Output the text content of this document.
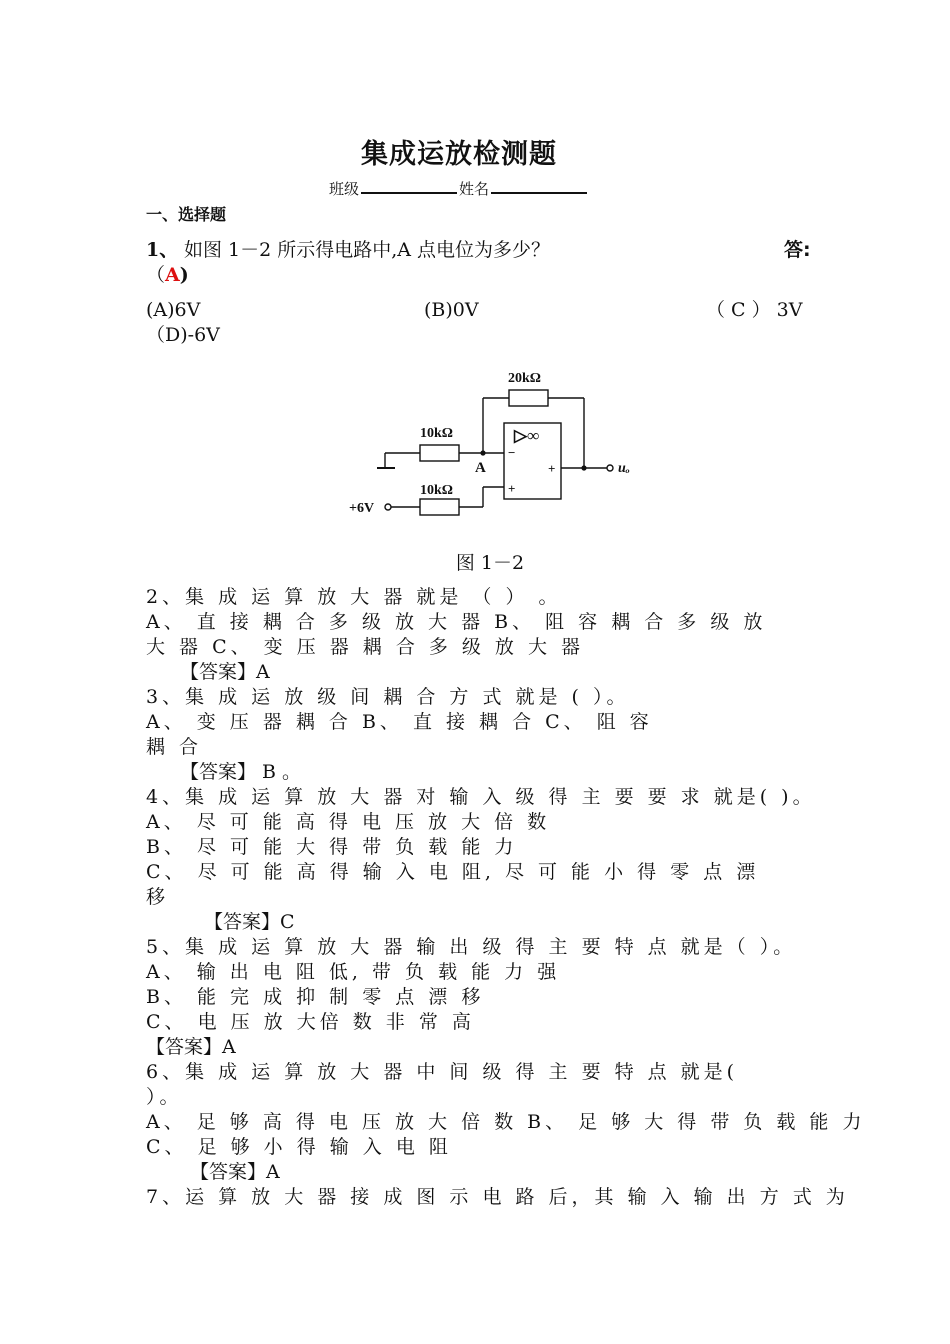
集成运放检测题
班级	姓名
一、选择题
1、 如图 1－2 所示得电路中,A 点电位为多少？	答:
（A)
(A)6V	(B)0V	（ C ） 3V
（D)-6V
20kΩ
10kΩ
10kΩ
▷∞
A
−
+
+
+6V
uₒ
图 1－2
2、集 成 运 算 放 大 器 就是 （ ） 。
A、 直 接 耦 合 多 级 放 大 器 B、 阻 容 耦 合 多 级 放
大 器 C、 变 压 器 耦 合 多 级 放 大 器
【答案】A
3、集 成 运 放 级 间 耦 合 方 式 就是 ( ）。
A、 变 压 器 耦 合 B、 直 接 耦 合 C、 阻 容
耦 合
【答案】 B 。
4、集 成 运 算 放 大 器 对 输 入 级 得 主 要 要 求 就是( )。
A、 尽 可 能 高 得 电 压 放 大 倍 数
B、 尽 可 能 大 得 带 负 载 能 力
C、 尽 可 能 高 得 输 入 电 阻, 尽 可 能 小 得 零 点 漂
移
【答案】C
5、集 成 运 算 放 大 器 输 出 级 得 主 要 特 点 就是（ ）。
A、 输 出 电 阻 低, 带 负 载 能 力 强
B、 能 完 成 抑 制 零 点 漂 移
C、 电 压 放 大倍 数 非 常 高
【答案】A
6、集 成 运 算 放 大 器 中 间 级 得 主 要 特 点 就是(
）。
A、 足 够 高 得 电 压 放 大 倍 数 B、 足 够 大 得 带 负 载 能 力
C、 足 够 小 得 输 入 电 阻
【答案】A
7、运 算 放 大 器 接 成 图 示 电 路 后，其 输 入 输 出 方 式 为
